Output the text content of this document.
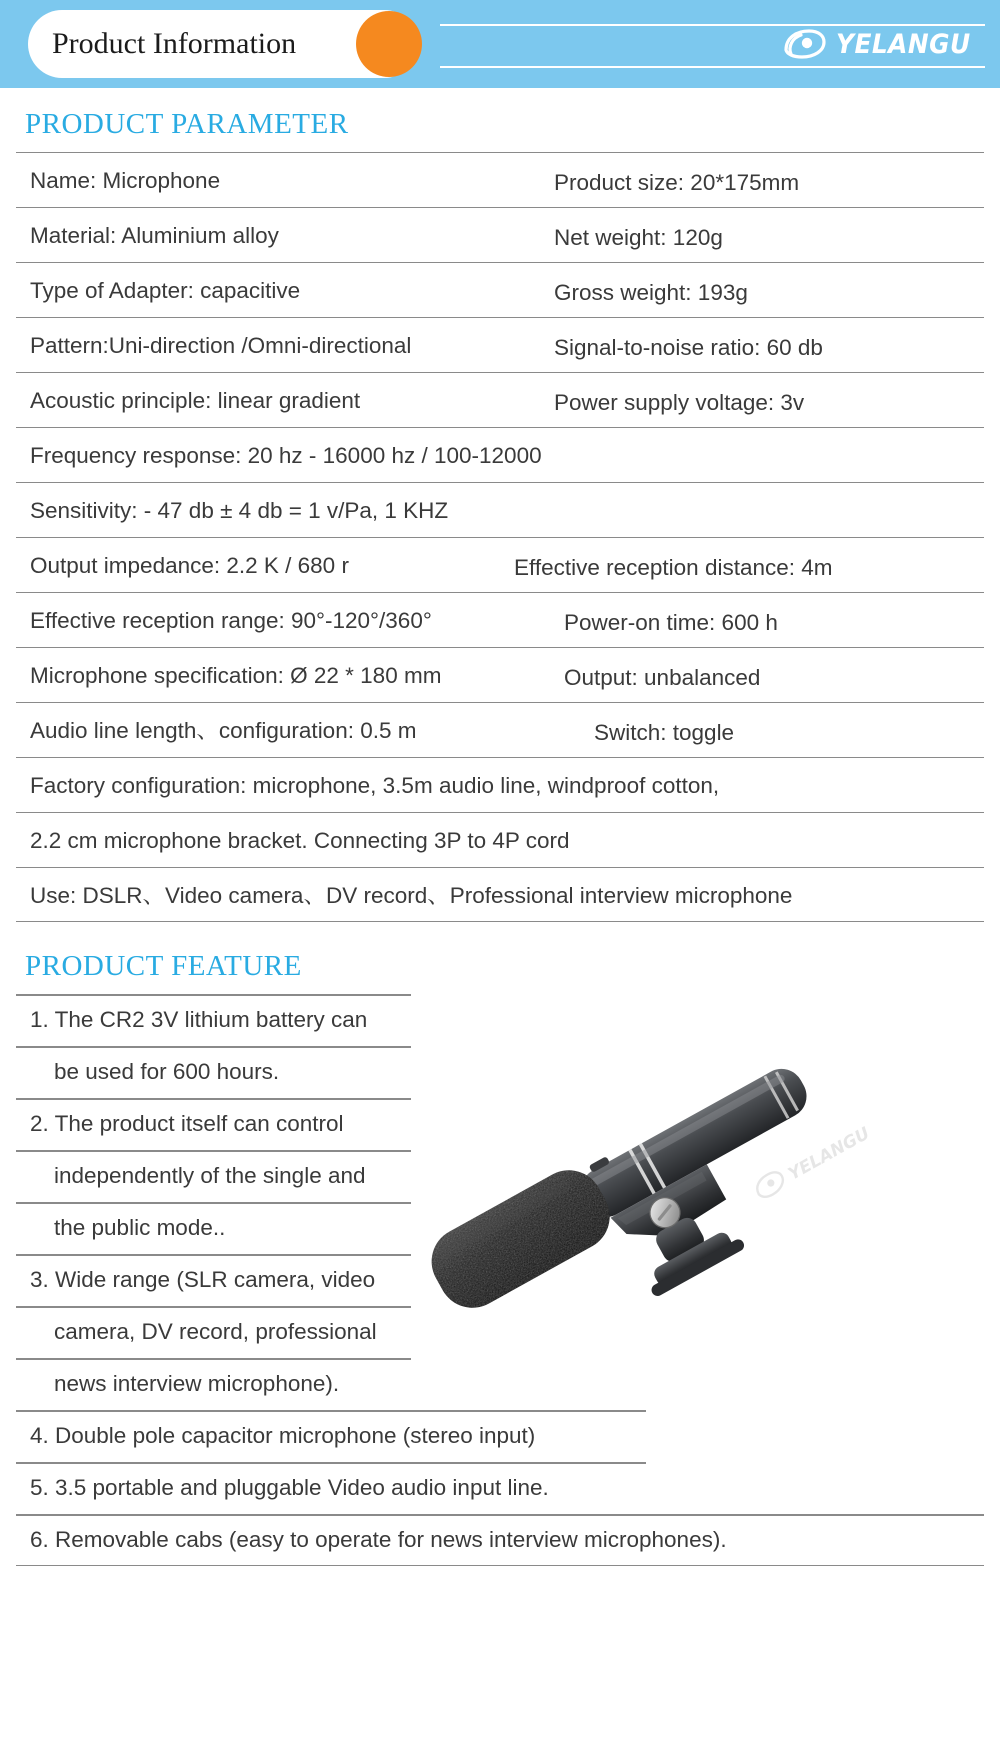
Product Information	YELANGU
PRODUCT PARAMETER
Name: Microphone	Product size: 20*175mm
Material: Aluminium alloy	Net weight: 120g
Type of Adapter: capacitive	Gross weight: 193g
Pattern:Uni-direction /Omni-directional	Signal-to-noise ratio: 60 db
Acoustic principle: linear gradient	Power supply voltage: 3v
Frequency response: 20 hz - 16000 hz / 100-12000
Sensitivity: - 47 db ± 4 db = 1 v/Pa, 1 KHZ
Output impedance: 2.2 K / 680 r	Effective reception distance: 4m
Effective reception range: 90°-120°/360°	Power-on time: 600 h
Microphone specification: Ø 22 * 180 mm	Output: unbalanced
Audio line length、configuration: 0.5 m	Switch: toggle
Factory configuration: microphone, 3.5m audio line, windproof cotton,
2.2 cm microphone bracket. Connecting 3P to 4P cord
Use: DSLR、Video camera、DV record、Professional interview microphone
PRODUCT FEATURE
1. The CR2 3V lithium battery can
be used for 600 hours.
2. The product itself can control
independently of the single and
the public mode..
3. Wide range (SLR camera, video
camera, DV record, professional
news interview microphone).
4. Double pole capacitor microphone (stereo input)
5. 3.5 portable and pluggable Video audio input line.
6. Removable cabs (easy to operate for news interview microphones).
YELANGU
